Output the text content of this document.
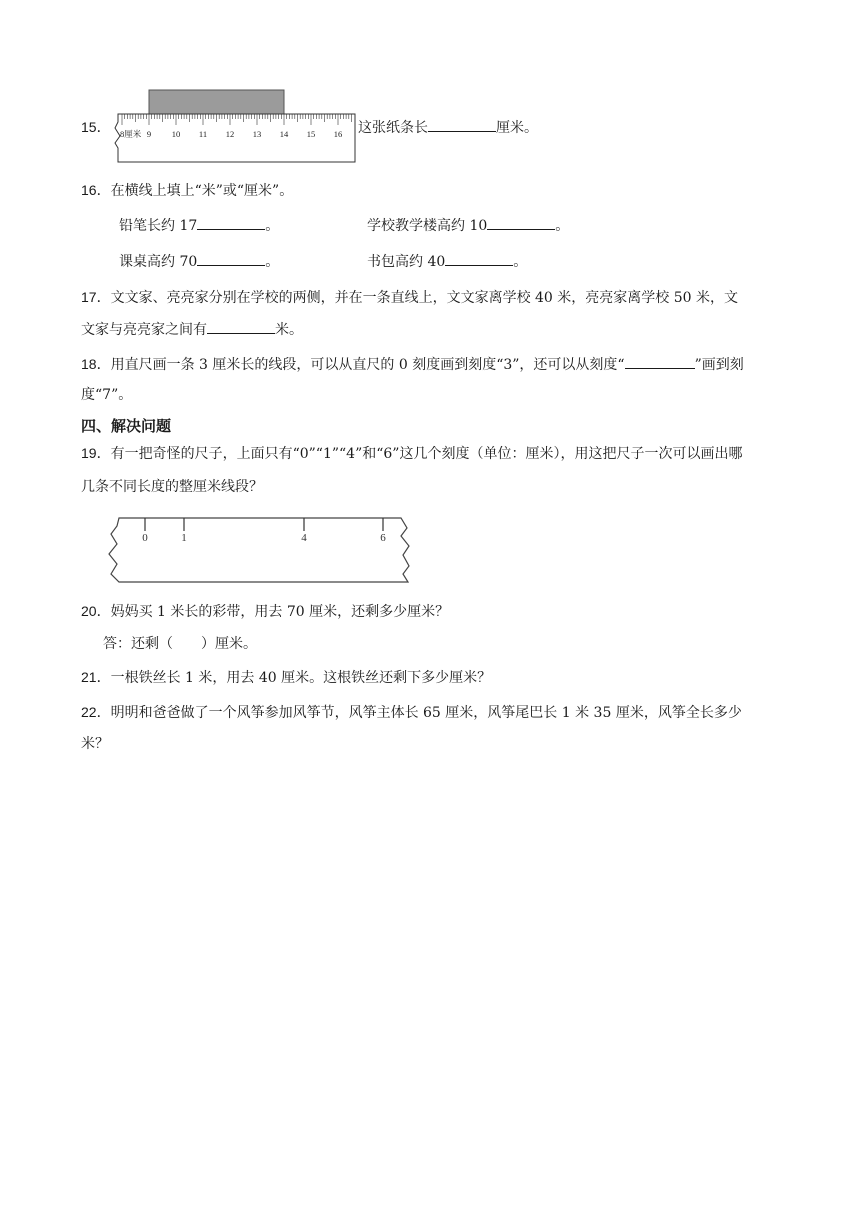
15． 8厘米 9 10 11 12 13 14 15 16 这张纸条长	厘米。
16．在横线上填上“米”或“厘米”。
铅笔长约 17	。	学校教学楼高约 10	。
课桌高约 70	。	书包高约 40	。
17．文文家、亮亮家分别在学校的两侧，并在一条直线上，文文家离学校 40 米，亮亮家离学校 50 米，文
文家与亮亮家之间有	米。
18．用直尺画一条 3 厘米长的线段，可以从直尺的 0 刻度画到刻度“3”，还可以从刻度“	”画到刻
度“7”。
四、解决问题
19．有一把奇怪的尺子，上面只有“0”“1”“4”和“6”这几个刻度（单位：厘米），用这把尺子一次可以画出哪
几条不同长度的整厘米线段？
0	1	4	6
20．妈妈买 1 米长的彩带，用去 70 厘米，还剩多少厘米？
答：还剩（　　）厘米。
21．一根铁丝长 1 米，用去 40 厘米。这根铁丝还剩下多少厘米？
22．明明和爸爸做了一个风筝参加风筝节，风筝主体长 65 厘米，风筝尾巴长 1 米 35 厘米，风筝全长多少
米？
